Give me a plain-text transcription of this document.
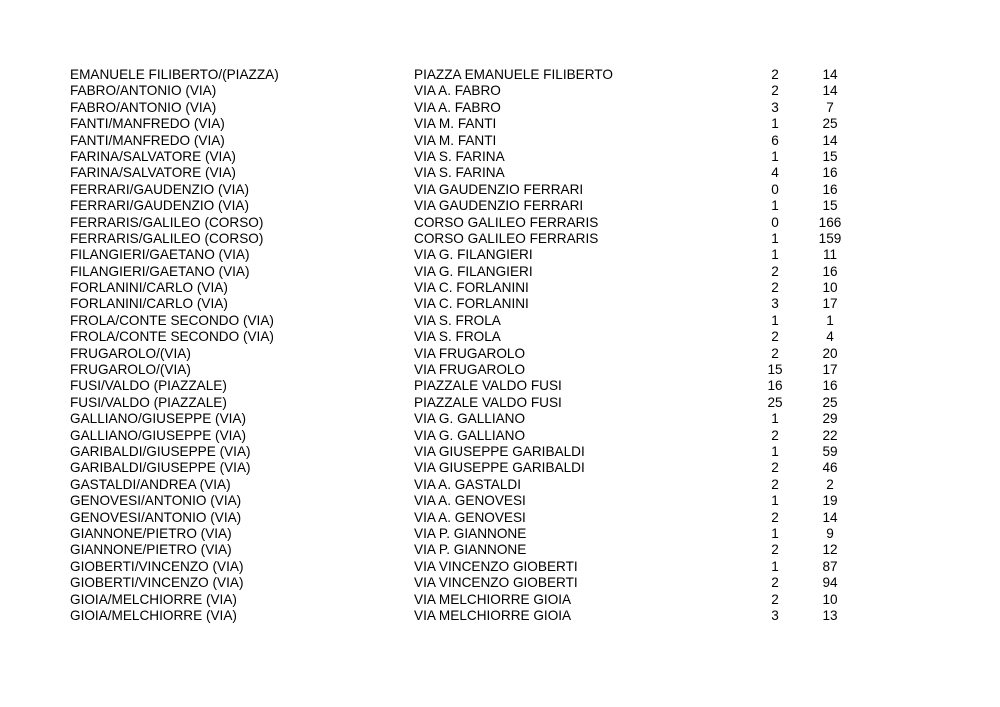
EMANUELE FILIBERTO/(PIAZZA)	PIAZZA EMANUELE FILIBERTO	2	14
FABRO/ANTONIO (VIA)	VIA A. FABRO	2	14
FABRO/ANTONIO (VIA)	VIA A. FABRO	3	7
FANTI/MANFREDO (VIA)	VIA M. FANTI	1	25
FANTI/MANFREDO (VIA)	VIA M. FANTI	6	14
FARINA/SALVATORE (VIA)	VIA S. FARINA	1	15
FARINA/SALVATORE (VIA)	VIA S. FARINA	4	16
FERRARI/GAUDENZIO (VIA)	VIA GAUDENZIO FERRARI	0	16
FERRARI/GAUDENZIO (VIA)	VIA GAUDENZIO FERRARI	1	15
FERRARIS/GALILEO (CORSO)	CORSO GALILEO FERRARIS	0	166
FERRARIS/GALILEO (CORSO)	CORSO GALILEO FERRARIS	1	159
FILANGIERI/GAETANO (VIA)	VIA G. FILANGIERI	1	11
FILANGIERI/GAETANO (VIA)	VIA G. FILANGIERI	2	16
FORLANINI/CARLO (VIA)	VIA C. FORLANINI	2	10
FORLANINI/CARLO (VIA)	VIA C. FORLANINI	3	17
FROLA/CONTE SECONDO (VIA)	VIA S. FROLA	1	1
FROLA/CONTE SECONDO (VIA)	VIA S. FROLA	2	4
FRUGAROLO/(VIA)	VIA FRUGAROLO	2	20
FRUGAROLO/(VIA)	VIA FRUGAROLO	15	17
FUSI/VALDO (PIAZZALE)	PIAZZALE VALDO FUSI	16	16
FUSI/VALDO (PIAZZALE)	PIAZZALE VALDO FUSI	25	25
GALLIANO/GIUSEPPE (VIA)	VIA G. GALLIANO	1	29
GALLIANO/GIUSEPPE (VIA)	VIA G. GALLIANO	2	22
GARIBALDI/GIUSEPPE (VIA)	VIA GIUSEPPE GARIBALDI	1	59
GARIBALDI/GIUSEPPE (VIA)	VIA GIUSEPPE GARIBALDI	2	46
GASTALDI/ANDREA (VIA)	VIA A. GASTALDI	2	2
GENOVESI/ANTONIO (VIA)	VIA A. GENOVESI	1	19
GENOVESI/ANTONIO (VIA)	VIA A. GENOVESI	2	14
GIANNONE/PIETRO (VIA)	VIA P. GIANNONE	1	9
GIANNONE/PIETRO (VIA)	VIA P. GIANNONE	2	12
GIOBERTI/VINCENZO (VIA)	VIA VINCENZO GIOBERTI	1	87
GIOBERTI/VINCENZO (VIA)	VIA VINCENZO GIOBERTI	2	94
GIOIA/MELCHIORRE (VIA)	VIA MELCHIORRE GIOIA	2	10
GIOIA/MELCHIORRE (VIA)	VIA MELCHIORRE GIOIA	3	13
